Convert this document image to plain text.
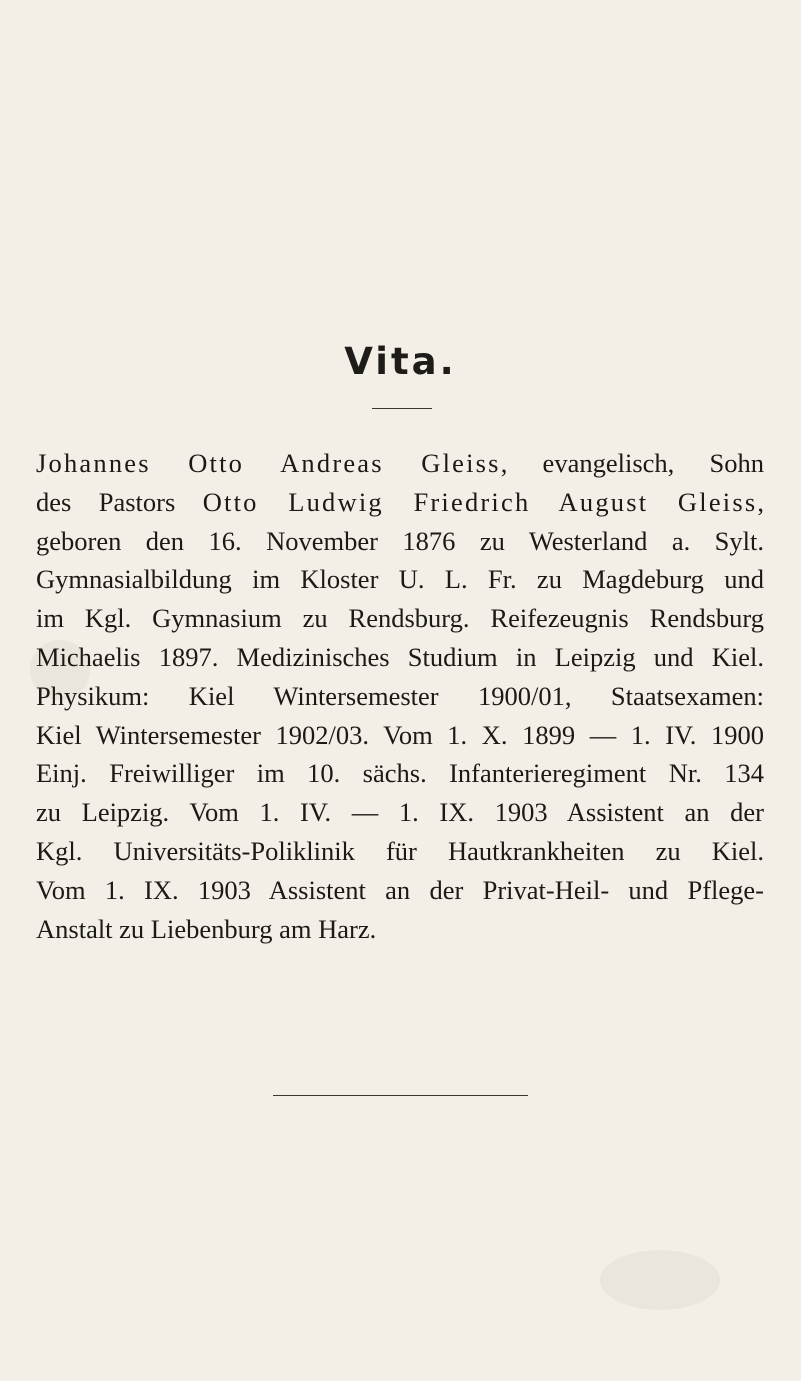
Vita.
Johannes Otto Andreas Gleiss, evangelisch, Sohn
des Pastors Otto Ludwig Friedrich August Gleiss,
geboren den 16. November 1876 zu Westerland a. Sylt.
Gymnasialbildung im Kloster U. L. Fr. zu Magdeburg und
im Kgl. Gymnasium zu Rendsburg. Reifezeugnis Rendsburg
Michaelis 1897. Medizinisches Studium in Leipzig und Kiel.
Physikum: Kiel Wintersemester 1900/01, Staatsexamen:
Kiel Wintersemester 1902/03. Vom 1. X. 1899 — 1. IV. 1900
Einj. Freiwilliger im 10. sächs. Infanterieregiment Nr. 134
zu Leipzig. Vom 1. IV. — 1. IX. 1903 Assistent an der
Kgl. Universitäts-Poliklinik für Hautkrankheiten zu Kiel.
Vom 1. IX. 1903 Assistent an der Privat-Heil- und Pflege-
Anstalt zu Liebenburg am Harz.
